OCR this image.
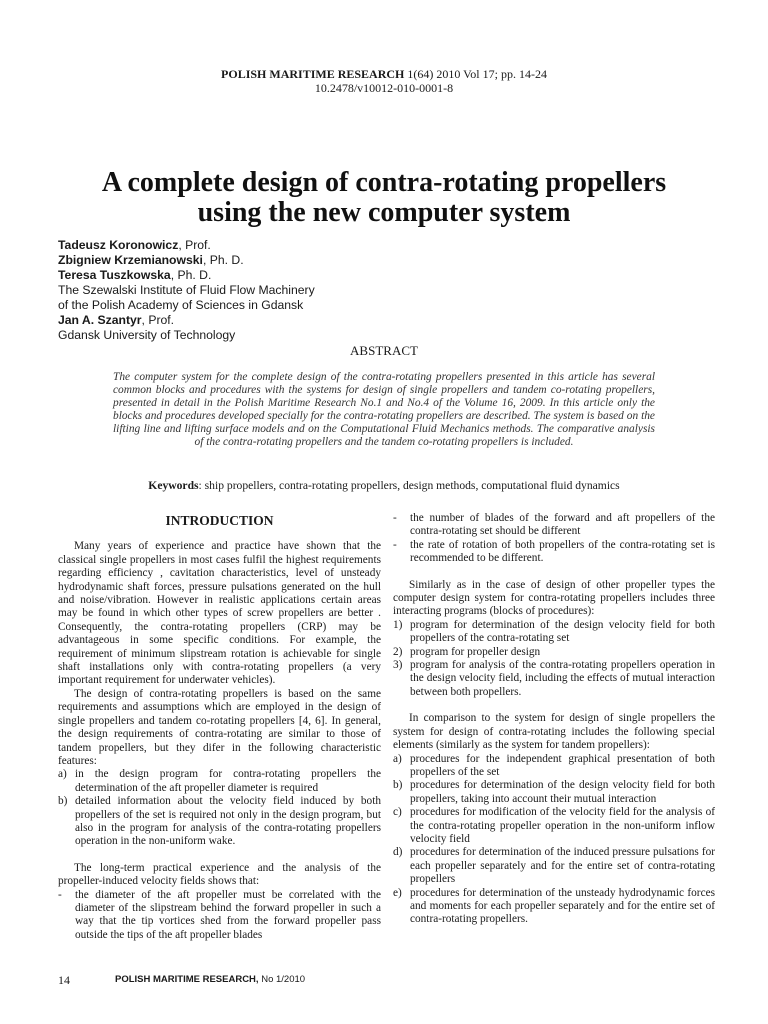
POLISH MARITIME RESEARCH 1(64) 2010 Vol 17; pp. 14-24
10.2478/v10012-010-0001-8
A complete design of contra-rotating propellers
using the new computer system
Tadeusz Koronowicz, Prof.
Zbigniew Krzemianowski, Ph. D.
Teresa Tuszkowska, Ph. D.
The Szewalski Institute of Fluid Flow Machinery
of the Polish Academy of Sciences in Gdansk
Jan A. Szantyr, Prof.
Gdansk University of Technology
ABSTRACT
The computer system for the complete design of the contra-rotating propellers presented in this article has several common blocks and procedures with the systems for design of single propellers and tandem co-rotating propellers, presented in detail in the Polish Maritime Research No.1 and No.4 of the Volume 16, 2009. In this article only the blocks and procedures developed specially for the contra-rotating propellers are described. The system is based on the lifting line and lifting surface models and on the Computational Fluid Mechanics methods. The comparative analysis of the contra-rotating propellers and the tandem co-rotating propellers is included.
Keywords: ship propellers, contra-rotating propellers, design methods, computational fluid dynamics
INTRODUCTION

Many years of experience and practice have shown that the classical single propellers in most cases fulfil the highest requirements regarding efficiency , cavitation characteristics, level of unsteady hydrodynamic shaft forces, pressure pulsations generated on the hull and noise/vibration. However in realistic applications certain areas may be found in which other types of screw propellers are better . Consequently, the contra-rotating propellers (CRP) may be advantageous in some specific conditions. For example, the requirement of minimum slipstream rotation is achievable for single shaft installations only with contra-rotating propellers (a very important requirement for underwater vehicles).

The design of contra-rotating propellers is based on the same requirements and assumptions which are employed in the design of single propellers and tandem co-rotating propellers [4, 6]. In general, the design requirements of contra-rotating are similar to those of tandem propellers, but they difer in the following characteristic features:

a) in the design program for contra-rotating propellers the determination of the aft propeller diameter is required
b) detailed information about the velocity field induced by both propellers of the set is required not only in the design program, but also in the program for analysis of the contra-rotating propellers operation in the non-uniform wake.

The long-term practical experience and the analysis of the propeller-induced velocity fields shows that:

- the diameter of the aft propeller must be correlated with the diameter of the slipstream behind the forward propeller in such a way that the tip vortices shed from the forward propeller pass outside the tips of the aft propeller blades
- the number of blades of the forward and aft propellers of the contra-rotating set should be different
- the rate of rotation of both propellers of the contra-rotating set is recommended to be different.

Similarly as in the case of design of other propeller types the computer design system for contra-rotating propellers includes three interacting programs (blocks of procedures):

1) program for determination of the design velocity field for both propellers of the contra-rotating set
2) program for propeller design
3) program for analysis of the contra-rotating propellers operation in the design velocity field, including the effects of mutual interaction between both propellers.

In comparison to the system for design of single propellers the system for design of contra-rotating includes the following special elements (similarly as the system for tandem propellers):

a) procedures for the independent graphical presentation of both propellers of the set
b) procedures for determination of the design velocity field for both propellers, taking into account their mutual interaction
c) procedures for modification of the velocity field for the analysis of the contra-rotating propeller operation in the non-uniform inflow velocity field
d) procedures for determination of the induced pressure pulsations for each propeller separately and for the entire set of contra-rotating propellers
e) procedures for determination of the unsteady hydrodynamic forces and moments for each propeller separately and for the entire set of contra-rotating propellers.
14	POLISH MARITIME RESEARCH, No 1/2010
